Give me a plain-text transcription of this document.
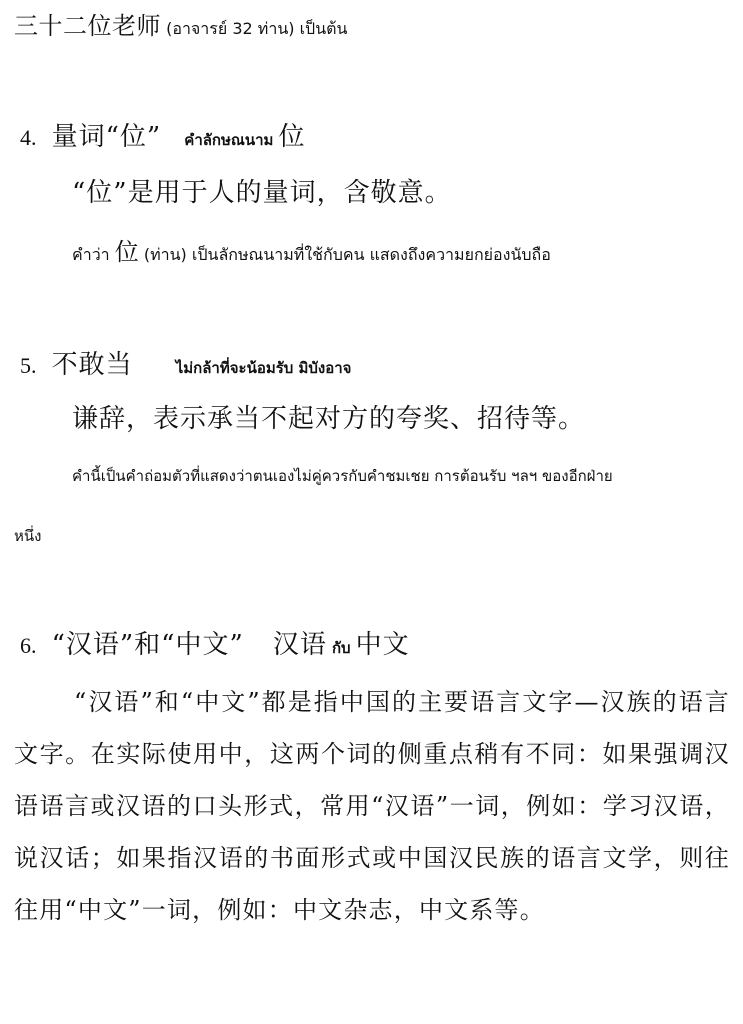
三十二位老师 (อาจารย์ 32 ท่าน) เป็นต้น
4. 量词“位” คำลักษณนาม 位
“位”是用于人的量词，含敬意。
คำว่า 位 (ท่าน) เป็นลักษณนามที่ใช้กับคน แสดงถึงความยกย่องนับถือ
5. 不敢当	ไม่กล้าที่จะน้อมรับ มิบังอาจ
谦辞，表示承当不起对方的夸奖、招待等。
คำนี้เป็นคำถ่อมตัวที่แสดงว่าตนเองไม่คู่ควรกับคำชมเชย การต้อนรับ ฯลฯ ของอีกฝ่าย
หนึ่ง
6. “汉语”和“中文” 汉语 กับ 中文
“汉语”和“中文”都是指中国的主要语言文字—汉族的语言文字。在实际使用中，这两个词的侧重点稍有不同：如果强调汉语语言或汉语的口头形式，常用“汉语”一词，例如：学习汉语，说汉话；如果指汉语的书面形式或中国汉民族的语言文学，则往往用“中文”一词，例如：中文杂志，中文系等。
